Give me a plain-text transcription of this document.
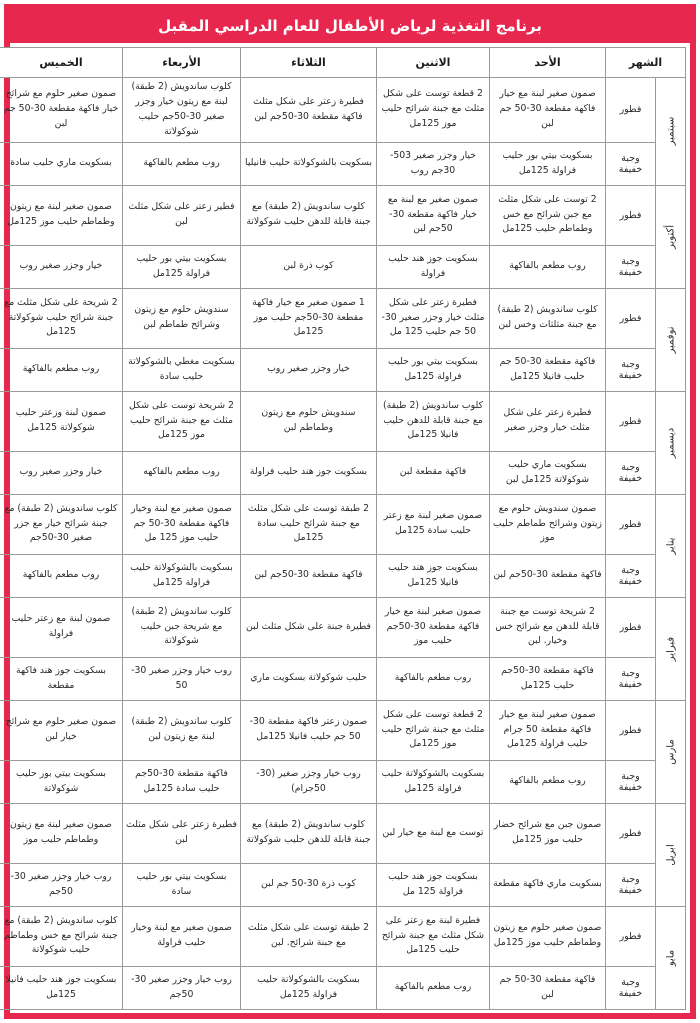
برنامج التغذية لرياض الأطفال للعام الدراسي المقبل
الشهر		الأحد	الاثنين	الثلاثاء	الأربعاء	الخميس

سبتمبر	فطور	صمون صغير لبنة مع خيار فاكهة مقطعة 30-50 جم لبن	2 قطعة توست على شكل مثلث مع جبنة شرائح حليب موز 125مل	فطيرة زعتر على شكل مثلث فاكهة مقطعة 30-50جم لبن	كلوب ساندويش (2 طبقة) لبنة مع زيتون خيار وجزر صغير 30-50جم حليب شوكولاتة	صمون صغير حلوم مع شرائح خيار فاكهة مقطعة 30-50 جم لبن
	وجبة خفيفة	بسكويت بيتي بور حليب فراولة 125مل	خيار وجزر صغير 503-30جم روب	بسكويت بالشوكولاتة حليب فانيليا	روب مطعم بالفاكهة	بسكويت ماري حليب سادة

أكتوبر	فطور	2 توست على شكل مثلث مع جبن شرائح مع خس وطماطم حليب 125مل	صمون صغير مع لبنة مع خيار فاكهة مقطعة 30-50جم لبن	كلوب ساندويش (2 طبقة) مع جبنة قابلة للدهن حليب شوكولاتة	فطير زعتر على شكل مثلث لبن	صمون صغير لبنة مع زيتون وطماطم حليب موز 125مل
	وجبة خفيفة	روب مطعم بالفاكهة	بسكويت جوز هند حليب فراولة	كوب ذرة لبن	بسكويت بيتي بور حليب فراولة 125مل	خيار وجزر صغير روب

نوفمبر	فطور	كلوب ساندويش (2 طبقة) مع جبنة مثلثات وخس لبن	فطيرة زعتر على شكل مثلث خيار وجزر صغير 30-50 جم حليب 125 مل	1 صمون صغير مع خيار فاكهة مقطعة 30-50جم حليب موز 125مل	سندويش حلوم مع زيتون وشرائح طماطم لبن	2 شريحة على شكل مثلث مع جبنة شرائح حليب شوكولاتة 125مل
	وجبة خفيفة	فاكهة مقطعة 30-50 جم حليب فانيلا 125مل	بسكويت بيتي بور حليب فراولة 125مل	خيار وجزر صغير روب	بسكويت مغطي بالشوكولاتة حليب سادة	روب مطعم بالفاكهة

ديسمبر	فطور	فطيرة زعتر على شكل مثلث خيار وجزر صغير	كلوب ساندويش (2 طبقة) مع جبنة قابلة للدهن حليب فانيلا 125مل	سندويش حلوم مع زيتون وطماطم لبن	2 شريحة توست على شكل مثلث مع جبنة شرائح حليب موز 125مل	صمون لبنة وزعتر حليب شوكولاتة 125مل
	وجبة خفيفة	بسكويت ماري حليب شوكولاتة 125مل لبن	فاكهة مقطعة لبن	بسكويت جوز هند حليب فراولة	روب مطعم بالفاكهه	خيار وجزر صغير روب

يناير	فطور	صمون سندويش حلوم مع زيتون وشرائح طماطم حليب موز	صمون صغير لبنة مع زعتر حليب سادة 125مل	2 طبقة توست على شكل مثلث مع جبنة شرائح حليب سادة 125مل	صمون صغير مع لبنة وخيار فاكهة مقطعة 30-50 جم حليب موز 125 مل	كلوب ساندويش (2 طبقة) مع جبنة شرائح خيار مع جزر صغير 30-50جم
	وجبة خفيفة	فاكهة مقطعة 30-50جم لبن	بسكويت جوز هند حليب فانيلا 125مل	فاكهة مقطعة 30-50جم لبن	بسكويت بالشوكولاتة حليب فراولة 125مل	روب مطعم بالفاكهة

فبراير	فطور	2 شريحة توست مع جبنة قابلة للدهن مع شرائح خس وخيار. لبن	صمون صغير لبنة مع خيار فاكهة مقطعة 30-50جم حليب موز	فطيرة جبنة على شكل مثلث لبن	كلوب ساندويش (2 طبقة) مع شريحة جبن حليب شوكولاتة	صمون لبنة مع زعتر حليب فراولة
	وجبة خفيفة	فاكهة مقطعة 30-50جم حليب 125مل	روب مطعم بالفاكهة	حليب شوكولاتة بسكويت ماري	روب خيار وجزر صغير 30-50	بسكويت جوز هند فاكهة مقطعة

مارس	فطور	صمون صغير لبنة مع خيار فاكهة مقطعة 50 جرام حليب فراولة 125مل	2 قطعة توست على شكل مثلث مع جبنة شرائح حليب موز 125مل	صمون زعتر فاكهة مقطعة 30-50 جم حليب فانيلا 125مل	كلوب ساندويش (2 طبقة) لبنة مع زيتون لبن	صمون صغير حلوم مع شرائح خيار لبن
	وجبة خفيفة	روب مطعم بالفاكهة	بسكويت بالشوكولاتة حليب فراولة 125مل	روب خيار وجزر صغير (30-50جرام)	فاكهة مقطعة 30-50جم حليب سادة 125مل	بسكويت بيتي بور حليب شوكولاتة

ابريل	فطور	صمون جبن مع شرائح خضار حليب موز 125مل	توست مع لبنة مع خيار لبن	كلوب ساندويش (2 طبقة) مع جبنة قابلة للدهن حليب شوكولاتة	فطيرة زعتر على شكل مثلث لبن	صمون صغير لبنة مع زيتون وطماطم حليب موز
	وجبة خفيفة	بسكويت ماري فاكهة مقطعة	بسكويت جوز هند حليب فراولة 125 مل	كوب ذرة 30-50 جم لبن	بسكويت بيتي بور حليب سادة	روب خيار وجزر صغير 30-50جم

مايو	فطور	صمون صغير حلوم مع زيتون وطماطم حليب موز 125مل	فطيرة لبنة مع زعتر على شكل مثلث مع جبنة شرائح حليب 125مل	2 طبقة توست على شكل مثلث مع جبنة شرائح. لبن	صمون صغير مع لبنة وخيار حليب فراولة	كلوب ساندويش (2 طبقة) مع جبنة شرائح مع خس وطماطم حليب شوكولاتة
	وجبة خفيفة	فاكهة مقطعة 30-50 جم لبن	روب مطعم بالفاكهة	بسكويت بالشوكولاتة حليب فراولة 125مل	روب خيار وجزر صغير 30-50جم	بسكويت جوز هند حليب فانيلا 125مل
